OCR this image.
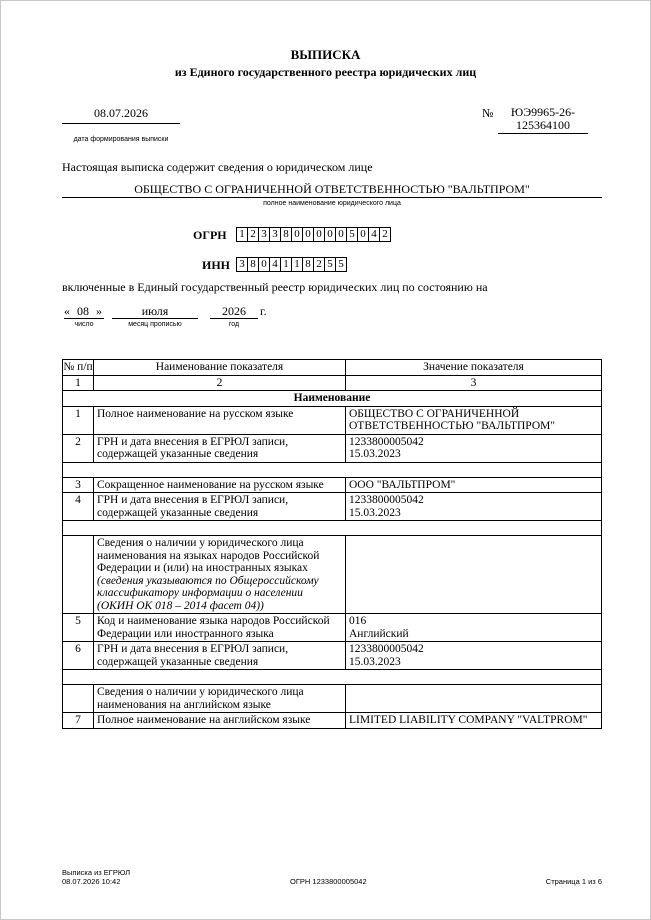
ВЫПИСКА
из Единого государственного реестра юридических лиц
08.07.2026
дата формирования выписки
№	ЮЭ9965-26-
125364100
Настоящая выписка содержит сведения о юридическом лице
ОБЩЕСТВО С ОГРАНИЧЕННОЙ ОТВЕТСТВЕННОСТЬЮ "ВАЛЬТПРОМ"
полное наименование юридического лица
ОГРН 1 2 3 3 8 0 0 0 0 0 5 0 4 2
ИНН 3 8 0 4 1 1 8 2 5 5
включенные в Единый государственный реестр юридических лиц по состоянию на
« 08 »
число
июля
месяц прописью
2026
год
г.
№ п/п	Наименование показателя	Значение показателя
1	2	3
Наименование		
1	Полное наименование на русском языке	ОБЩЕСТВО С ОГРАНИЧЕННОЙ ОТВЕТСТВЕННОСТЬЮ "ВАЛЬТПРОМ"
2	ГРН и дата внесения в ЕГРЮЛ записи, содержащей указанные сведения	1233800005042
15.03.2023

3	Сокращенное наименование на русском языке	ООО "ВАЛЬТПРОМ"
4	ГРН и дата внесения в ЕГРЮЛ записи, содержащей указанные сведения	1233800005042
15.03.2023

	Сведения о наличии у юридического лица наименования на языках народов Российской Федерации и (или) на иностранных языках
(сведения указываются по Общероссийскому классификатору информации о населении (ОКИН ОК 018 – 2014 фасет 04))	

5	Код и наименование языка народов Российской Федерации или иностранного языка	016
Английский

6	ГРН и дата внесения в ЕГРЮЛ записи, содержащей указанные сведения	1233800005042
15.03.2023

	Сведения о наличии у юридического лица наименования на английском языке	
7	Полное наименование на английском языке	LIMITED LIABILITY COMPANY "VALTPROM"
Выписка из ЕГРЮЛ
08.07.2026 10:42	ОГРН 1233800005042	Страница 1 из 6
